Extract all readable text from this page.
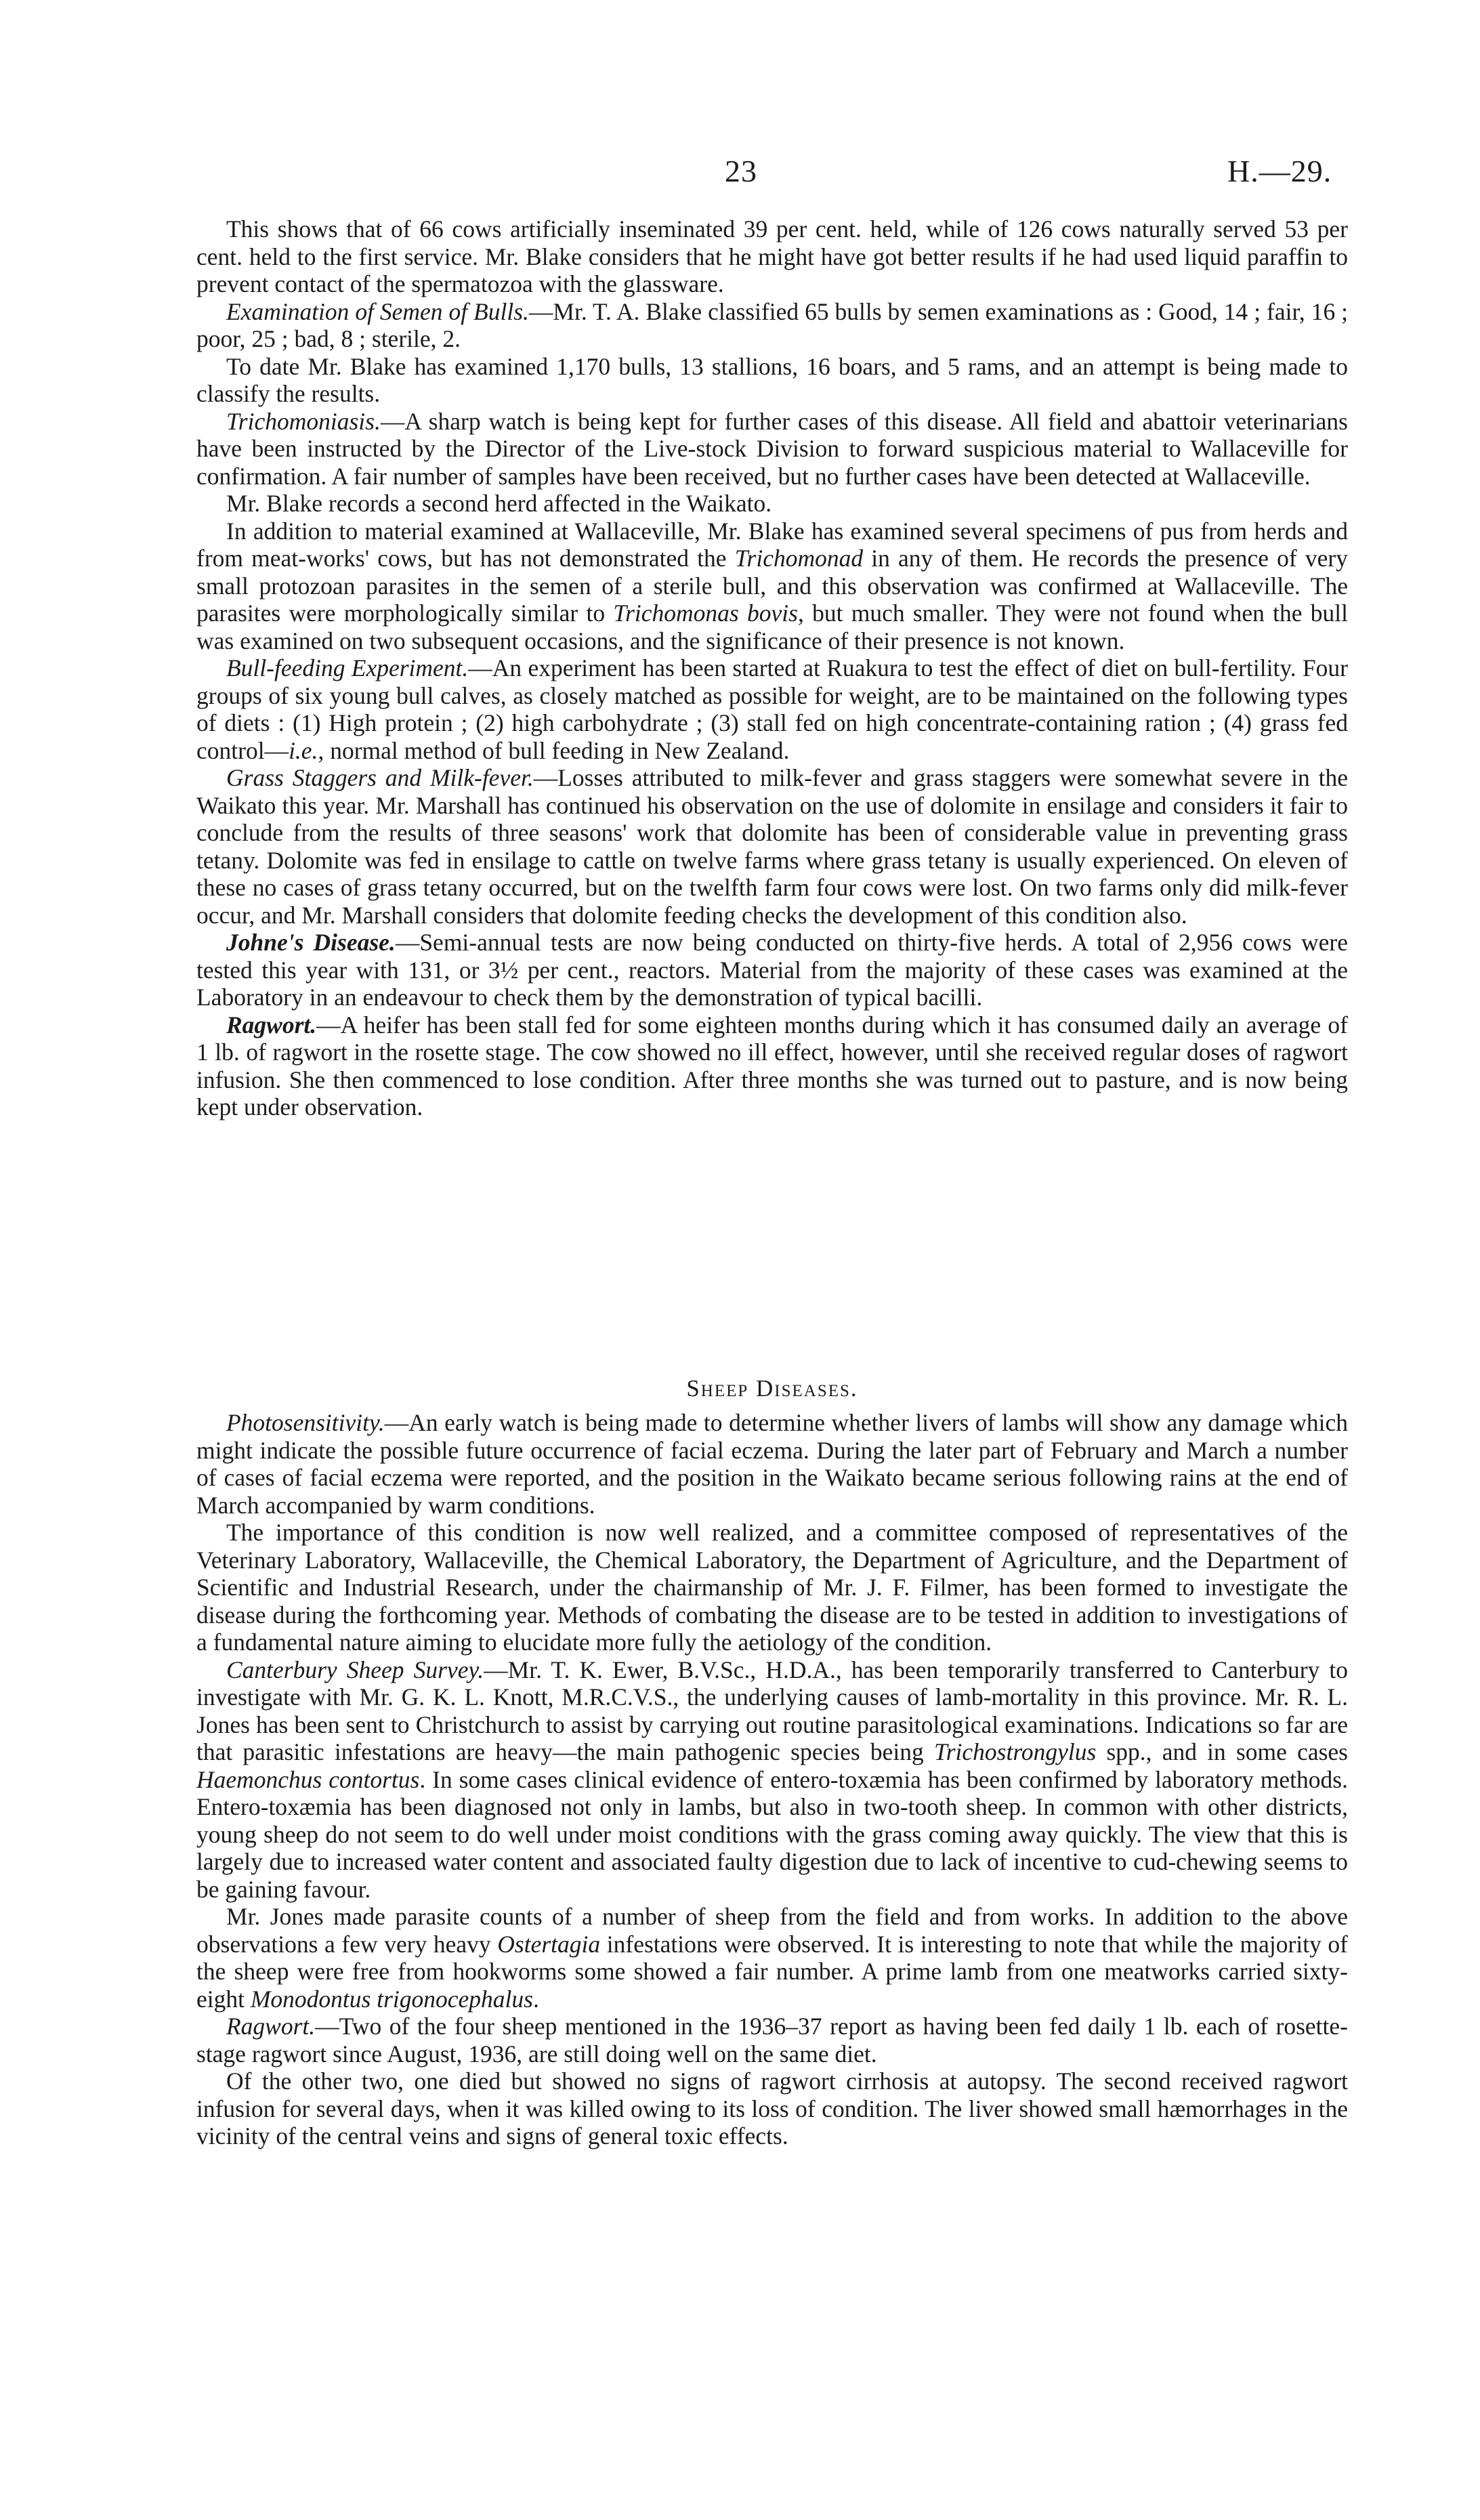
23	H.—29.

This shows that of 66 cows artificially inseminated 39 per cent. held, while of 126 cows naturally served 53 per cent. held to the first service. Mr. Blake considers that he might have got better results if he had used liquid paraffin to prevent contact of the spermatozoa with the glassware.

Examination of Semen of Bulls.—Mr. T. A. Blake classified 65 bulls by semen examinations as : Good, 14 ; fair, 16 ; poor, 25 ; bad, 8 ; sterile, 2.

To date Mr. Blake has examined 1,170 bulls, 13 stallions, 16 boars, and 5 rams, and an attempt is being made to classify the results.

Trichomoniasis.—A sharp watch is being kept for further cases of this disease. All field and abattoir veterinarians have been instructed by the Director of the Live-stock Division to forward suspicious material to Wallaceville for confirmation. A fair number of samples have been received, but no further cases have been detected at Wallaceville.

Mr. Blake records a second herd affected in the Waikato.

In addition to material examined at Wallaceville, Mr. Blake has examined several specimens of pus from herds and from meat-works' cows, but has not demonstrated the Trichomonad in any of them. He records the presence of very small protozoan parasites in the semen of a sterile bull, and this observation was confirmed at Wallaceville. The parasites were morphologically similar to Trichomonas bovis, but much smaller. They were not found when the bull was examined on two subsequent occasions, and the significance of their presence is not known.

Bull-feeding Experiment.—An experiment has been started at Ruakura to test the effect of diet on bull-fertility. Four groups of six young bull calves, as closely matched as possible for weight, are to be maintained on the following types of diets : (1) High protein ; (2) high carbohydrate ; (3) stall fed on high concentrate-containing ration ; (4) grass fed control—i.e., normal method of bull feeding in New Zealand.

Grass Staggers and Milk-fever.—Losses attributed to milk-fever and grass staggers were somewhat severe in the Waikato this year. Mr. Marshall has continued his observation on the use of dolomite in ensilage and considers it fair to conclude from the results of three seasons' work that dolomite has been of considerable value in preventing grass tetany. Dolomite was fed in ensilage to cattle on twelve farms where grass tetany is usually experienced. On eleven of these no cases of grass tetany occurred, but on the twelfth farm four cows were lost. On two farms only did milk-fever occur, and Mr. Marshall considers that dolomite feeding checks the development of this condition also.

Johne's Disease.—Semi-annual tests are now being conducted on thirty-five herds. A total of 2,956 cows were tested this year with 131, or 3½ per cent., reactors. Material from the majority of these cases was examined at the Laboratory in an endeavour to check them by the demonstration of typical bacilli.

Ragwort.—A heifer has been stall fed for some eighteen months during which it has consumed daily an average of 1 lb. of ragwort in the rosette stage. The cow showed no ill effect, however, until she received regular doses of ragwort infusion. She then commenced to lose condition. After three months she was turned out to pasture, and is now being kept under observation.

Sheep Diseases.

Photosensitivity.—An early watch is being made to determine whether livers of lambs will show any damage which might indicate the possible future occurrence of facial eczema. During the later part of February and March a number of cases of facial eczema were reported, and the position in the Waikato became serious following rains at the end of March accompanied by warm conditions.

The importance of this condition is now well realized, and a committee composed of representatives of the Veterinary Laboratory, Wallaceville, the Chemical Laboratory, the Department of Agriculture, and the Department of Scientific and Industrial Research, under the chairmanship of Mr. J. F. Filmer, has been formed to investigate the disease during the forthcoming year. Methods of combating the disease are to be tested in addition to investigations of a fundamental nature aiming to elucidate more fully the aetiology of the condition.

Canterbury Sheep Survey.—Mr. T. K. Ewer, B.V.Sc., H.D.A., has been temporarily transferred to Canterbury to investigate with Mr. G. K. L. Knott, M.R.C.V.S., the underlying causes of lamb-mortality in this province. Mr. R. L. Jones has been sent to Christchurch to assist by carrying out routine parasitological examinations. Indications so far are that parasitic infestations are heavy—the main pathogenic species being Trichostrongylus spp., and in some cases Haemonchus contortus. In some cases clinical evidence of entero-toxæmia has been confirmed by laboratory methods. Entero-toxæmia has been diagnosed not only in lambs, but also in two-tooth sheep. In common with other districts, young sheep do not seem to do well under moist conditions with the grass coming away quickly. The view that this is largely due to increased water content and associated faulty digestion due to lack of incentive to cud-chewing seems to be gaining favour.

Mr. Jones made parasite counts of a number of sheep from the field and from works. In addition to the above observations a few very heavy Ostertagia infestations were observed. It is interesting to note that while the majority of the sheep were free from hookworms some showed a fair number. A prime lamb from one meatworks carried sixty-eight Monodontus trigonocephalus.

Ragwort.—Two of the four sheep mentioned in the 1936–37 report as having been fed daily 1 lb. each of rosette-stage ragwort since August, 1936, are still doing well on the same diet.

Of the other two, one died but showed no signs of ragwort cirrhosis at autopsy. The second received ragwort infusion for several days, when it was killed owing to its loss of condition. The liver showed small hæmorrhages in the vicinity of the central veins and signs of general toxic effects.
